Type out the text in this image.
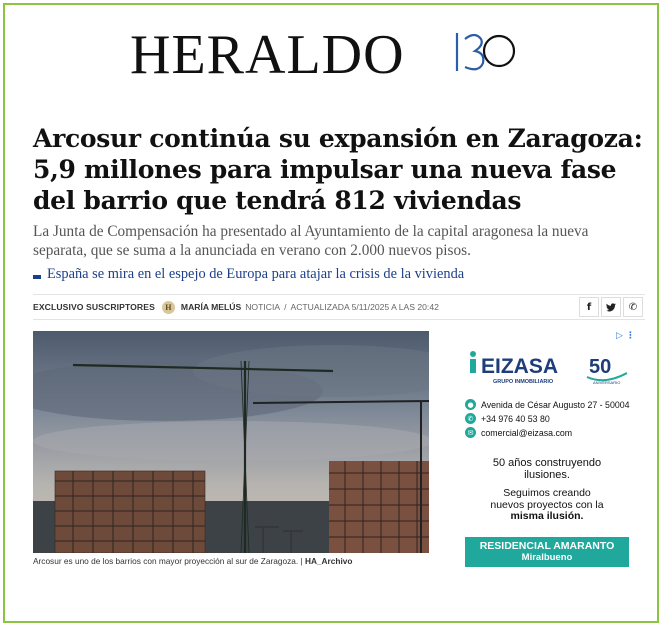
HERALDO
Arcosur continúa su expansión en Zaragoza: 5,9 millones para impulsar una nueva fase del barrio que tendrá 812 viviendas

La Junta de Compensación ha presentado al Ayuntamiento de la capital aragonesa la nueva separata, que se suma a la anunciada en verano con 2.000 nuevos pisos.

España se mira en el espejo de Europa para atajar la crisis de la vivienda
EXCLUSIVO SUSCRIPTORES	H	MARÍA MELÚS NOTICIA / ACTUALIZADA 5/11/2025 A LAS 20:42	f	✆
Arcosur es uno de los barrios con mayor proyección al sur de Zaragoza. | HA_Archivo
▷ ⋮
EIZASA
GRUPO INMOBILIARIO
50
ANIVERSARIO
● Avenida de César Augusto 27 - 50004
✆ +34 976 40 53 80
✉ comercial@eizasa.com
50 años construyendo
ilusiones.
Seguimos creando
nuevos proyectos con la
misma ilusión.
RESIDENCIAL AMARANTO
Miralbueno
